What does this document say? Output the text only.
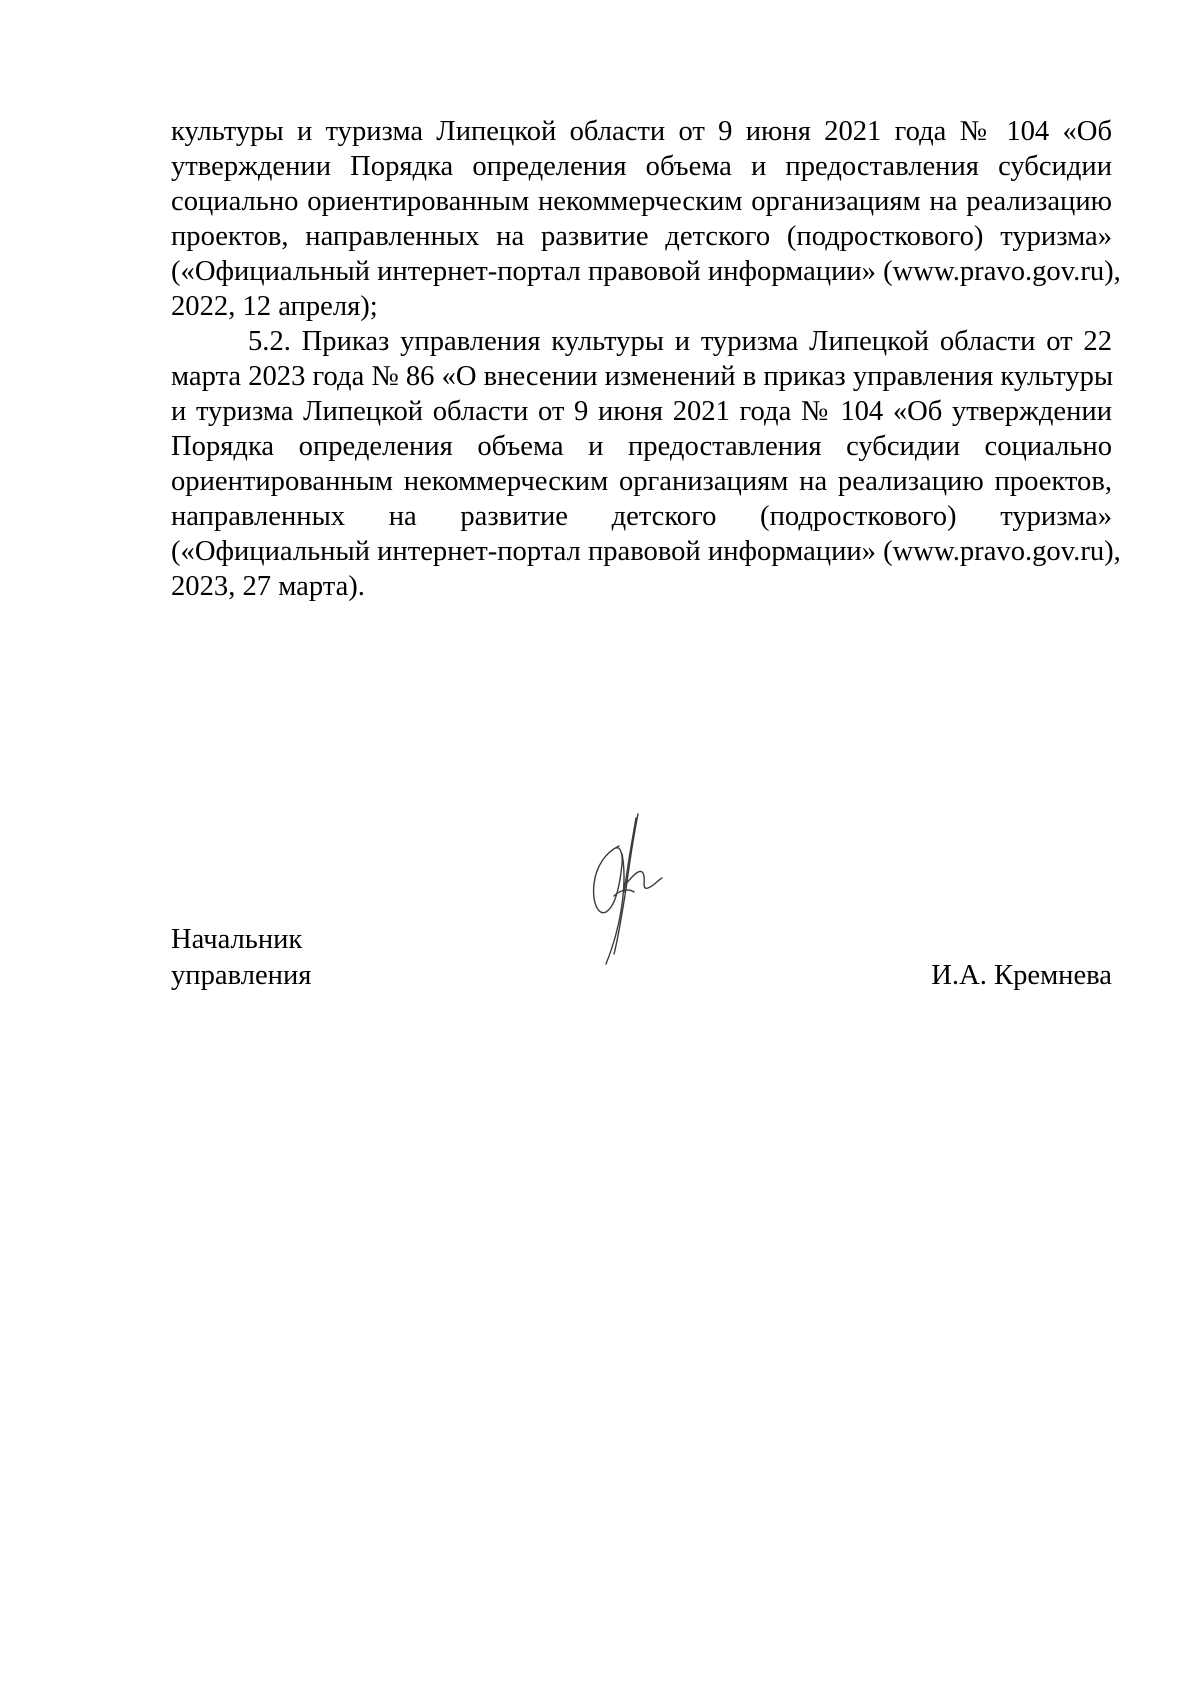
культуры и туризма Липецкой области от 9 июня 2021 года № 104 «Об
утверждении Порядка определения объема и предоставления субсидии
социально ориентированным некоммерческим организациям на реализацию
проектов, направленных на развитие детского (подросткового) туризма»
(«Официальный интернет-портал правовой информации» (www.pravo.gov.ru),
2022, 12 апреля);
5.2. Приказ управления культуры и туризма Липецкой области от 22
марта 2023 года № 86 «О внесении изменений в приказ управления культуры
и туризма Липецкой области от 9 июня 2021 года № 104 «Об утверждении
Порядка определения объема и предоставления субсидии социально
ориентированным некоммерческим организациям на реализацию проектов,
направленных на развитие детского (подросткового) туризма»
(«Официальный интернет-портал правовой информации» (www.pravo.gov.ru),
2023, 27 марта).
Начальник
управления	И.А. Кремнева
